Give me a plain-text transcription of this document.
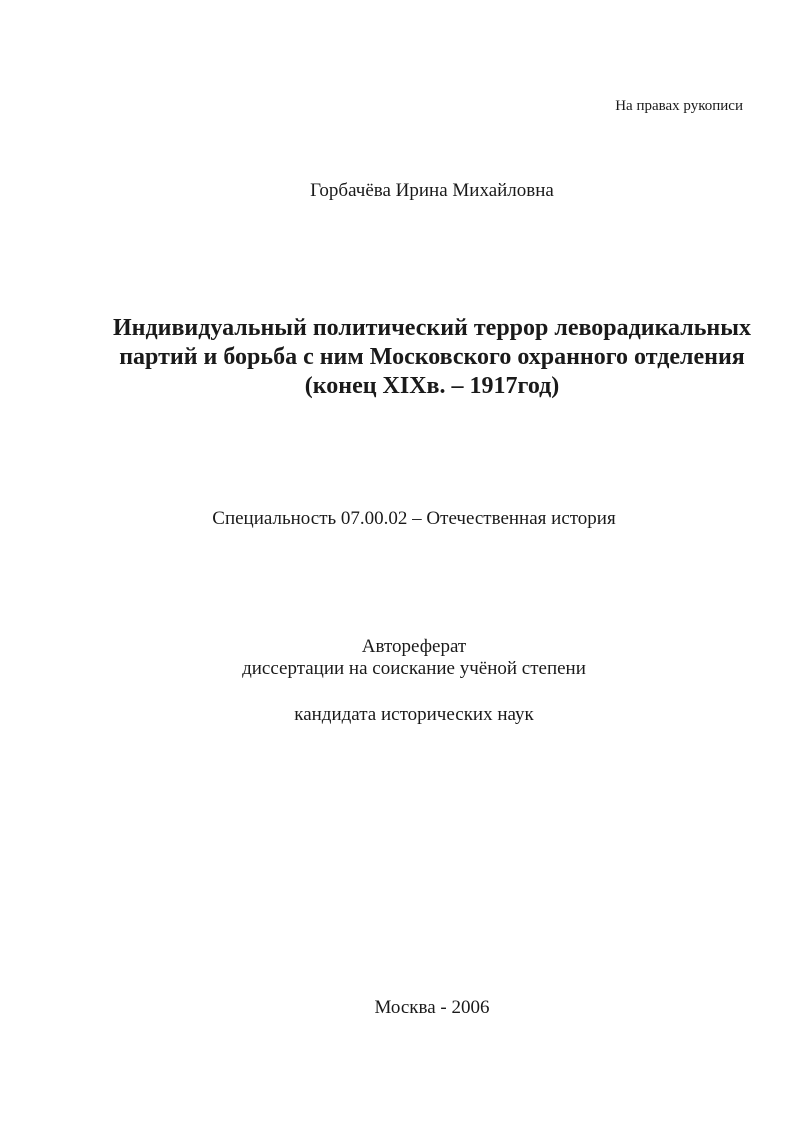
На правах рукописи
Горбачёва Ирина Михайловна
Индивидуальный политический террор леворадикальных
партий и борьба с ним Московского охранного отделения
(конец XIXв. – 1917год)
Специальность 07.00.02 – Отечественная история
Автореферат
диссертации на соискание учёной степени
кандидата исторических наук
Москва - 2006
